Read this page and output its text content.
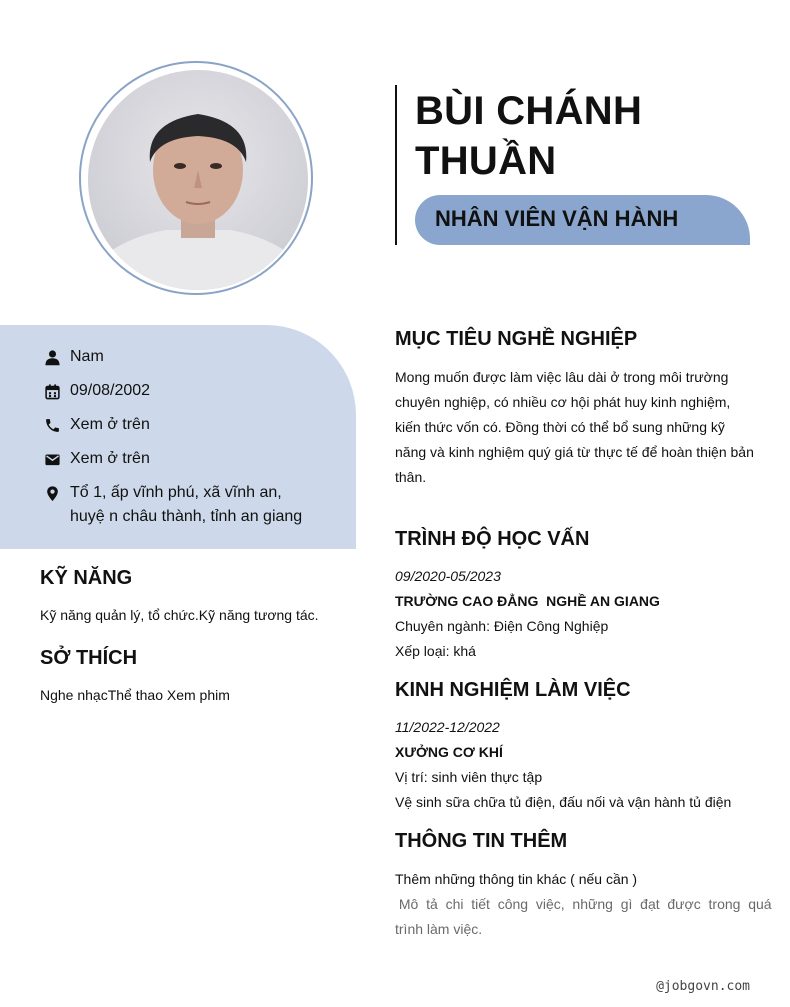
BÙI CHÁNH THUẦN
NHÂN VIÊN VẬN HÀNH
Nam
09/08/2002
Xem ở trên
Xem ở trên
Tổ 1, ấp vĩnh phú, xã vĩnh an,
huyệ n châu thành, tỉnh an giang
KỸ NĂNG
Kỹ năng quản lý, tổ chức.Kỹ năng tương tác.
SỞ THÍCH
Nghe nhạcThể thao Xem phim
MỤC TIÊU NGHỀ NGHIỆP
Mong muốn được làm việc lâu dài ở trong môi trường
chuyên nghiệp, có nhiều cơ hội phát huy kinh nghiệm,
kiến thức vốn có. Đồng thời có thể bổ sung những kỹ
năng và kinh nghiệm quý giá từ thực tế để hoàn thiện bản
thân.
TRÌNH ĐỘ HỌC VẤN
09/2020-05/2023
TRƯỜNG CAO ĐẲNG  NGHỀ AN GIANG
Chuyên ngành: Điện Công Nghiệp
Xếp loại: khá
KINH NGHIỆM LÀM VIỆC
11/2022-12/2022
XƯỞNG CƠ KHÍ
Vị trí: sinh viên thực tập
Vệ sinh sữa chữa tủ điện, đấu nối và vận hành tủ điện
THÔNG TIN THÊM
Thêm những thông tin khác ( nếu cần )
Mô  tả  chi  tiết  công  việc,  những  gì  đạt  được  trong  quá
trình làm việc.
@jobgovn.com
